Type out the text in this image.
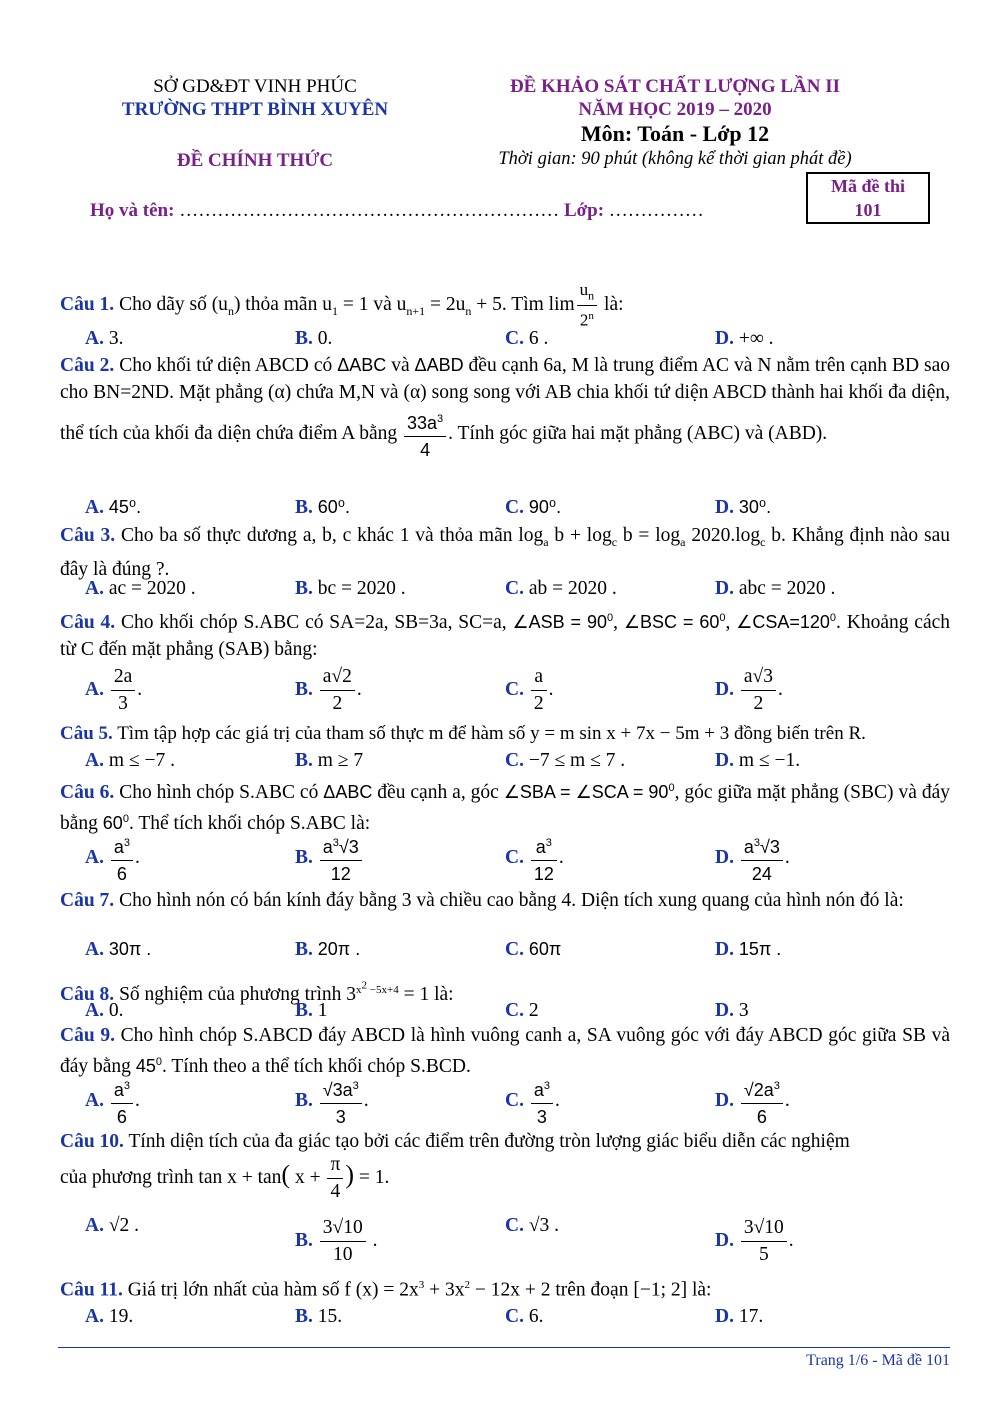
SỞ GD&ĐT VINH PHÚC
TRƯỜNG THPT BÌNH XUYÊN
ĐỀ CHÍNH THỨC
ĐỀ KHẢO SÁT CHẤT LƯỢNG LẦN II
NĂM HỌC 2019 – 2020
Môn: Toán - Lớp 12
Thời gian: 90 phút (không kể thời gian phát đề)
Mã đề thi
101
Họ và tên: …………………………………………………… Lớp: ……………
Câu 1. Cho dãy số $(u_n)$ thỏa mãn $u_1 = 1$ và $u_{n+1} = 2u_n + 5$. Tìm $\lim \frac{u_n}{2^n}$ là:
A. 3.	B. 0.	C. 6 .	D. +∞ .
Câu 2. Cho khối tứ diện ABCD có ΔABC và ΔABD đều cạnh 6a, M là trung điểm AC và N nằm trên cạnh BD sao cho BN=2ND. Mặt phẳng (α) chứa M,N và (α) song song với AB chia khối tứ diện ABCD thành hai khối đa diện, thể tích của khối đa diện chứa điểm A bằng $\frac{33a^3}{4}$ . Tính góc giữa hai mặt phẳng (ABC) và (ABD).
A. 45⁰.	B. 60⁰.	C. 90⁰.	D. 30⁰.
Câu 3. Cho ba số thực dương a, b, c khác 1 và thỏa mãn $\log_a b + \log_c b = \log_a 2020.\log_c$ b. Khẳng định nào sau đây là đúng ?.
A. ac = 2020 .	B. bc = 2020 .	C. ab = 2020 .	D. abc = 2020 .
Câu 4. Cho khối chóp S.ABC có SA=2a, SB=3a, SC=a, ∠ASB = $90^0$, ∠BSC = $60^0$, $\angle CSA=120^0$. Khoảng cách từ C đến mặt phẳng (SAB) bằng:
A. $\frac{2a}{3}$ .	B. $\frac{a√2}{2}$ .	C. $\frac{a}{2}$ .	D. $\frac{a√3}{2}$ .
Câu 5. Tìm tập hợp các giá trị của tham số thực m để hàm số y = m sin x + 7x − 5m + 3 đồng biến trên R.
A. m ≤ −7 .	B. m ≥ 7	C. −7 ≤ m ≤ 7 .	D. m ≤ −1.
Câu 6. Cho hình chóp S.ABC có ΔABC đều cạnh a, góc ∠SBA = ∠SCA = $90^0$, góc giữa mặt phẳng (SBC) và đáy bằng $60^0$. Thể tích khối chóp S.ABC là:
A. $\frac{a^3}{6}$ .	B. $\frac{a^3√3}{12}$	C. $\frac{a^3}{12}$ .	D. $\frac{a^3√3}{24}$ .
Câu 7. Cho hình nón có bán kính đáy bằng 3 và chiều cao bằng 4. Diện tích xung quang của hình nón đó là:
A. 30π .	B. 20π .	C. 60π	D. 15π .
Câu 8. Số nghiệm của phương trình $3^{x^2 -5x+4} = 1$ là:
A. 0.	B. 1	C. 2	D. 3
Câu 9. Cho hình chóp S.ABCD đáy ABCD là hình vuông canh a, SA vuông góc với đáy ABCD góc giữa SB và đáy bằng $45^0$. Tính theo a thể tích khối chóp S.BCD.
A. $\frac{a^3}{6}$ .	B. $\frac{√3a^3}{3}$ .	C. $\frac{a^3}{3}$ .	D. $\frac{√2a^3}{6}$ .
Câu 10. Tính diện tích của đa giác tạo bởi các điểm trên đường tròn lượng giác biểu diễn các nghiệm
của phương trình tan x + tan( $x + \frac{\pi}{4}$ ) = 1.
A. √2 .
B. $\frac{3√10}{10}$ .
C. √3 .
D. $\frac{3√10}{5}$ .
Câu 11. Giá trị lớn nhất của hàm số f $(x) = 2x^3 + 3x^2 - 12x + 2$ trên đoạn [−1; 2] là:
A. 19.	B. 15.	C. 6.	D. 17.
Trang 1/6 - Mã đề 101
